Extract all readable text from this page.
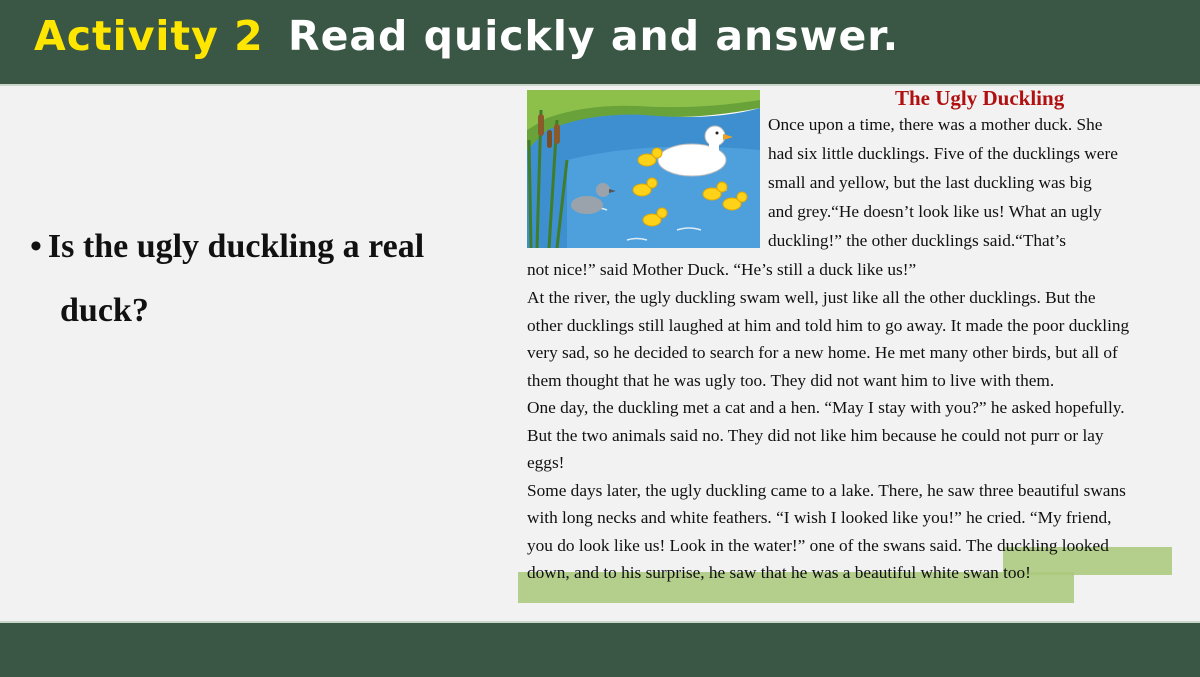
Activity 2 Read quickly and answer.
• Is the ugly duckling a real
duck?
The Ugly Duckling
Once upon a time, there was a mother duck. She
had six little ducklings. Five of the ducklings were
small and yellow, but the last duckling was big
and grey.“He doesn’t look like us! What an ugly
duckling!” the other ducklings said.“That’s
not nice!” said Mother Duck. “He’s still a duck like us!”
At the river, the ugly duckling swam well, just like all the other ducklings. But the
other ducklings still laughed at him and told him to go away. It made the poor duckling
very sad, so he decided to search for a new home. He met many other birds, but all of
them thought that he was ugly too. They did not want him to live with them.
One day, the duckling met a cat and a hen. “May I stay with you?” he asked hopefully.
But the two animals said no. They did not like him because he could not purr or lay
eggs!
Some days later, the ugly duckling came to a lake. There, he saw three beautiful swans
with long necks and white feathers. “I wish I looked like you!” he cried. “My friend,
you do look like us! Look in the water!” one of the swans said. The duckling looked
down, and to his surprise, he saw that he was a beautiful white swan too!
